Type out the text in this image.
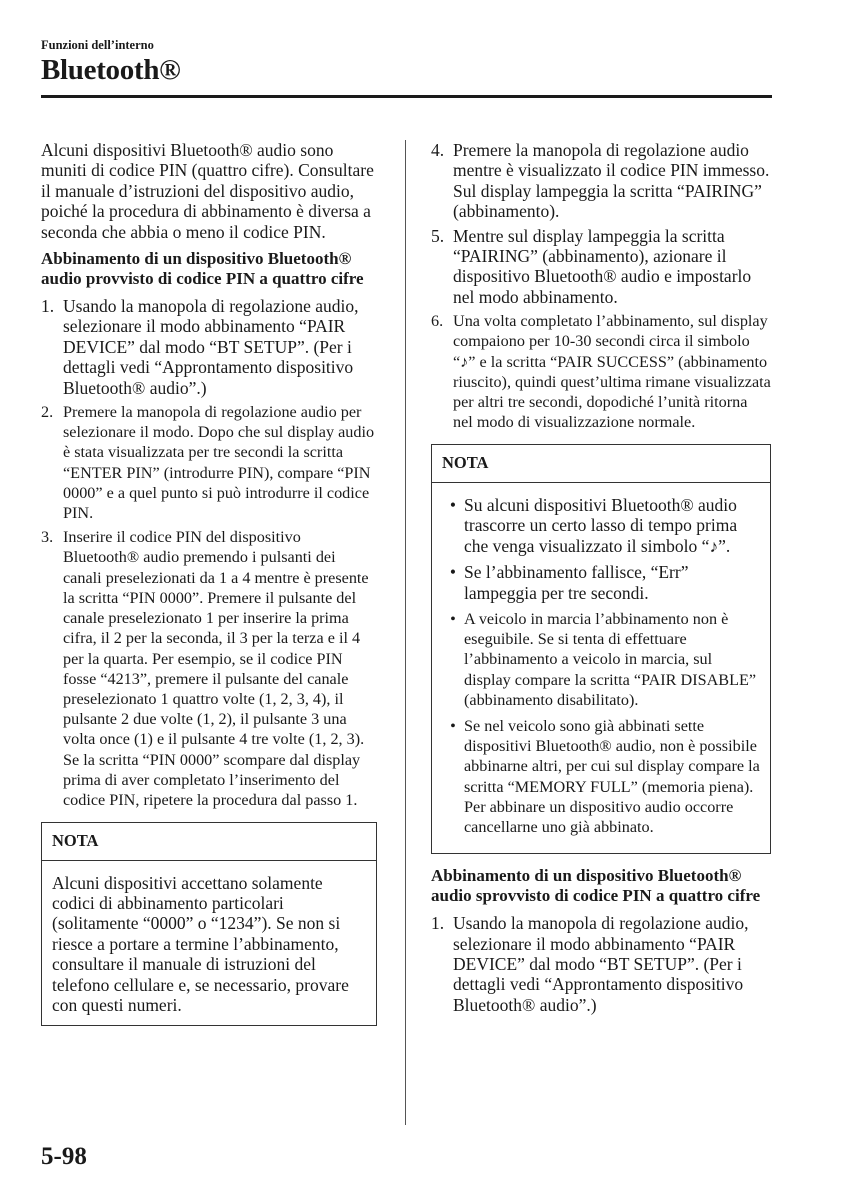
Funzioni dell’interno
Bluetooth®

Alcuni dispositivi Bluetooth® audio sono muniti di codice PIN (quattro cifre). Consultare il manuale d’istruzioni del dispositivo audio, poiché la procedura di abbinamento è diversa a seconda che abbia o meno il codice PIN.

Abbinamento di un dispositivo Bluetooth® audio provvisto di codice PIN a quattro cifre
1. Usando la manopola di regolazione audio, selezionare il modo abbinamento “PAIR DEVICE” dal modo “BT SETUP”. (Per i dettagli vedi “Approntamento dispositivo Bluetooth® audio”.)
2. Premere la manopola di regolazione audio per selezionare il modo. Dopo che sul display audio è stata visualizzata per tre secondi la scritta “ENTER PIN” (introdurre PIN), compare “PIN 0000” e a quel punto si può introdurre il codice PIN.
3. Inserire il codice PIN del dispositivo Bluetooth® audio premendo i pulsanti dei canali preselezionati da 1 a 4 mentre è presente la scritta “PIN 0000”. Premere il pulsante del canale preselezionato 1 per inserire la prima cifra, il 2 per la seconda, il 3 per la terza e il 4 per la quarta. Per esempio, se il codice PIN fosse “4213”, premere il pulsante del canale preselezionato 1 quattro volte (1, 2, 3, 4), il pulsante 2 due volte (1, 2), il pulsante 3 una volta once (1) e il pulsante 4 tre volte (1, 2, 3). Se la scritta “PIN 0000” scompare dal display prima di aver completato l’inserimento del codice PIN, ripetere la procedura dal passo 1.
NOTA
Alcuni dispositivi accettano solamente codici di abbinamento particolari (solitamente “0000” o “1234”). Se non si riesce a portare a termine l’abbinamento, consultare il manuale di istruzioni del telefono cellulare e, se necessario, provare con questi numeri.
4. Premere la manopola di regolazione audio mentre è visualizzato il codice PIN immesso. Sul display lampeggia la scritta “PAIRING” (abbinamento).
5. Mentre sul display lampeggia la scritta “PAIRING” (abbinamento), azionare il dispositivo Bluetooth® audio e impostarlo nel modo abbinamento.
6. Una volta completato l’abbinamento, sul display compaiono per 10-30 secondi circa il simbolo “♪” e la scritta “PAIR SUCCESS” (abbinamento riuscito), quindi quest’ultima rimane visualizzata per altri tre secondi, dopodiché l’unità ritorna nel modo di visualizzazione normale.
NOTA
• Su alcuni dispositivi Bluetooth® audio trascorre un certo lasso di tempo prima che venga visualizzato il simbolo “♪”.
• Se l’abbinamento fallisce, “Err” lampeggia per tre secondi.
• A veicolo in marcia l’abbinamento non è eseguibile. Se si tenta di effettuare l’abbinamento a veicolo in marcia, sul display compare la scritta “PAIR DISABLE” (abbinamento disabilitato).
• Se nel veicolo sono già abbinati sette dispositivi Bluetooth® audio, non è possibile abbinarne altri, per cui sul display compare la scritta “MEMORY FULL” (memoria piena). Per abbinare un dispositivo audio occorre cancellarne uno già abbinato.
Abbinamento di un dispositivo Bluetooth® audio sprovvisto di codice PIN a quattro cifre
1. Usando la manopola di regolazione audio, selezionare il modo abbinamento “PAIR DEVICE” dal modo “BT SETUP”. (Per i dettagli vedi “Approntamento dispositivo Bluetooth® audio”.)
5-98
